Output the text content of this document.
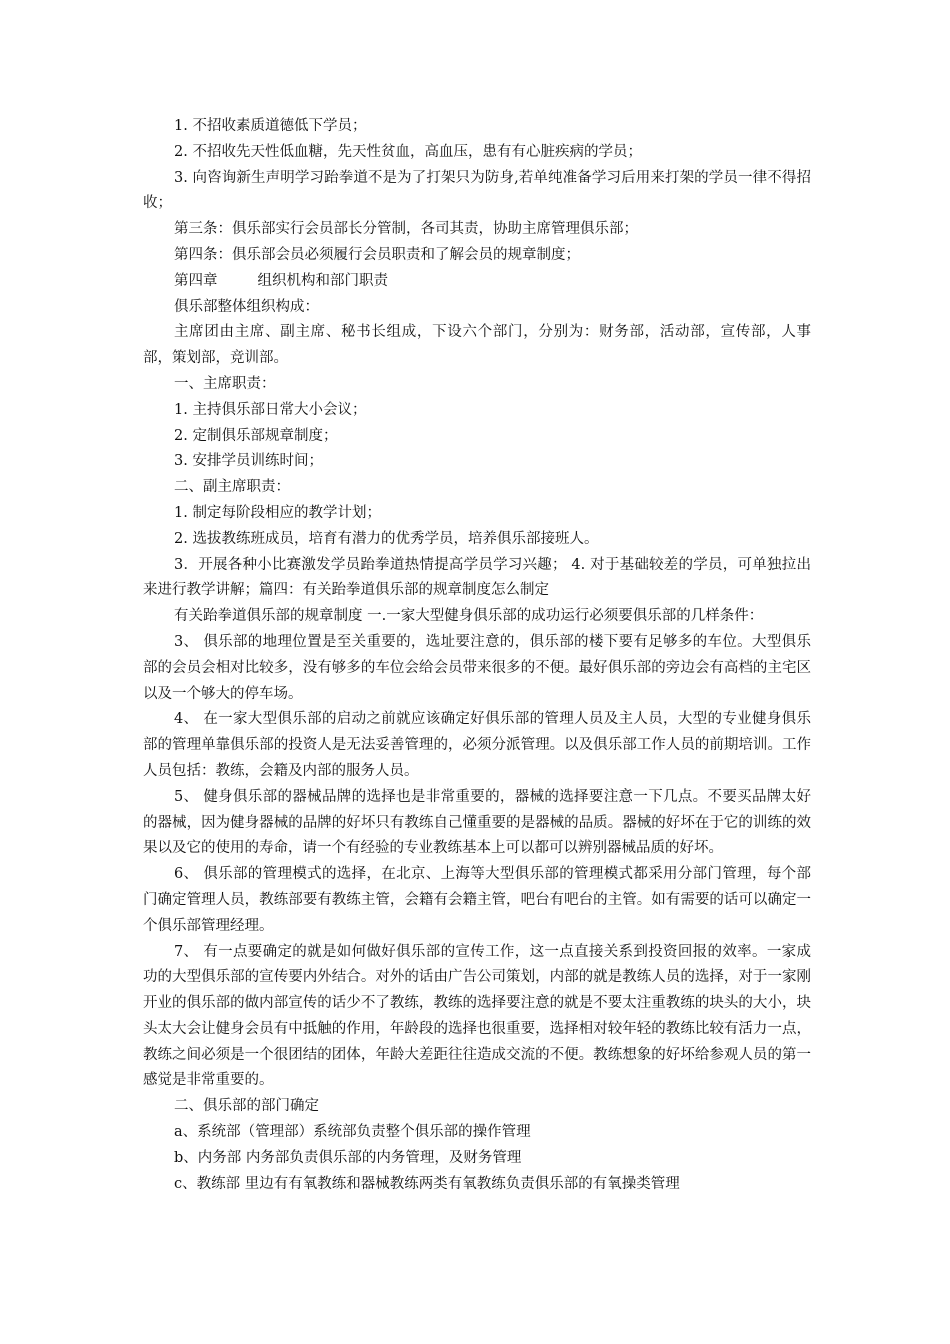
1. 不招收素质道德低下学员；

2. 不招收先天性低血糖，先天性贫血，高血压，患有有心脏疾病的学员；

3. 向咨询新生声明学习跆拳道不是为了打架只为防身,若单纯准备学习后用来打架的学员一律不得招收；

第三条：俱乐部实行会员部长分管制，各司其责，协助主席管理俱乐部；

第四条：俱乐部会员必须履行会员职责和了解会员的规章制度；

第四章	组织机构和部门职责

俱乐部整体组织构成：

主席团由主席、副主席、秘书长组成，下设六个部门，分别为：财务部，活动部，宣传部，人事部，策划部，竞训部。

一、主席职责：

1. 主持俱乐部日常大小会议；

2. 定制俱乐部规章制度；

3. 安排学员训练时间；

二、副主席职责：

1. 制定每阶段相应的教学计划；

2. 选拔教练班成员，培育有潜力的优秀学员，培养俱乐部接班人。

3．开展各种小比赛激发学员跆拳道热情提高学员学习兴趣； 4. 对于基础较差的学员，可单独拉出来进行教学讲解；篇四：有关跆拳道俱乐部的规章制度怎么制定

有关跆拳道俱乐部的规章制度 一.一家大型健身俱乐部的成功运行必须要俱乐部的几样条件：

3、 俱乐部的地理位置是至关重要的，选址要注意的，俱乐部的楼下要有足够多的车位。大型俱乐部的会员会相对比较多，没有够多的车位会给会员带来很多的不便。最好俱乐部的旁边会有高档的主宅区以及一个够大的停车场。

4、 在一家大型俱乐部的启动之前就应该确定好俱乐部的管理人员及主人员，大型的专业健身俱乐部的管理单靠俱乐部的投资人是无法妥善管理的，必须分派管理。以及俱乐部工作人员的前期培训。工作人员包括：教练，会籍及内部的服务人员。

5、 健身俱乐部的器械品牌的选择也是非常重要的，器械的选择要注意一下几点。不要买品牌太好的器械，因为健身器械的品牌的好坏只有教练自己懂重要的是器械的品质。器械的好坏在于它的训练的效果以及它的使用的寿命，请一个有经验的专业教练基本上可以都可以辨别器械品质的好坏。

6、 俱乐部的管理模式的选择，在北京、上海等大型俱乐部的管理模式都采用分部门管理，每个部门确定管理人员，教练部要有教练主管，会籍有会籍主管，吧台有吧台的主管。如有需要的话可以确定一个俱乐部管理经理。

7、 有一点要确定的就是如何做好俱乐部的宣传工作，这一点直接关系到投资回报的效率。一家成功的大型俱乐部的宣传要内外结合。对外的话由广告公司策划，内部的就是教练人员的选择，对于一家刚开业的俱乐部的做内部宣传的话少不了教练，教练的选择要注意的就是不要太注重教练的块头的大小，块头太大会让健身会员有中抵触的作用，年龄段的选择也很重要，选择相对较年轻的教练比较有活力一点，教练之间必须是一个很团结的团体，年龄大差距往往造成交流的不便。教练想象的好坏给参观人员的第一感觉是非常重要的。

二、俱乐部的部门确定

a、系统部（管理部）系统部负责整个俱乐部的操作管理

b、内务部 内务部负责俱乐部的内务管理，及财务管理

c、教练部 里边有有氧教练和器械教练两类有氧教练负责俱乐部的有氧操类管理
